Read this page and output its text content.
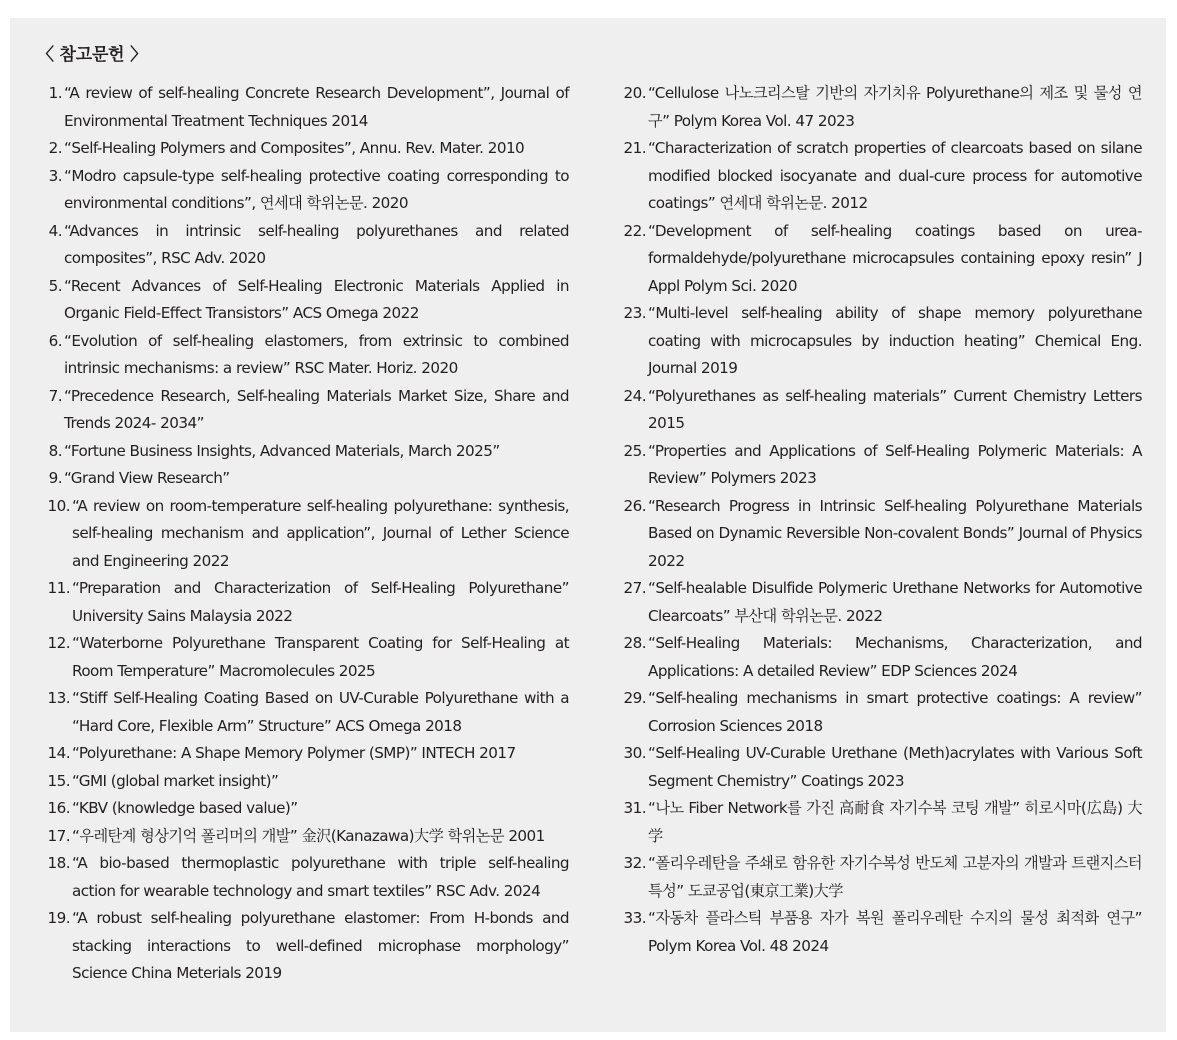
〈 참고문헌 〉
1. “A review of self-healing Concrete Research Development”, Journal of Environmental Treatment Techniques 2014
2. “Self-Healing Polymers and Composites”, Annu. Rev. Mater. 2010
3. “Modro capsule-type self-healing protective coating corresponding to environmental conditions”, 연세대 학위논문. 2020
4. “Advances in intrinsic self-healing polyurethanes and related composites”, RSC Adv. 2020
5. “Recent Advances of Self-Healing Electronic Materials Applied in Organic Field-Effect Transistors” ACS Omega 2022
6. “Evolution of self-healing elastomers, from extrinsic to combined intrinsic mechanisms: a review” RSC Mater. Horiz. 2020
7. “Precedence Research, Self-healing Materials Market Size, Share and Trends 2024- 2034”
8. “Fortune Business Insights, Advanced Materials, March 2025”
9. “Grand View Research”
10. “A review on room-temperature self-healing polyurethane: synthesis, self-healing mechanism and application”, Journal of Lether Science and Engineering 2022
11. “Preparation and Characterization of Self-Healing Polyurethane” University Sains Malaysia 2022
12. “Waterborne Polyurethane Transparent Coating for Self-Healing at Room Temperature” Macromolecules 2025
13. “Stiff Self-Healing Coating Based on UV-Curable Polyurethane with a “Hard Core, Flexible Arm” Structure” ACS Omega 2018
14. “Polyurethane: A Shape Memory Polymer (SMP)” INTECH 2017
15. “GMI (global market insight)”
16. “KBV (knowledge based value)”
17. “우레탄계 형상기억 폴리머의 개발” 金沢(Kanazawa)大学 학위논문 2001
18. “A bio-based thermoplastic polyurethane with triple self-healing action for wearable technology and smart textiles” RSC Adv. 2024
19. “A robust self-healing polyurethane elastomer: From H-bonds and stacking interactions to well-defined microphase morphology” Science China Meterials 2019
20. “Cellulose 나노크리스탈 기반의 자기치유 Polyurethane의 제조 및 물성 연구” Polym Korea Vol. 47 2023
21. “Characterization of scratch properties of clearcoats based on silane modified blocked isocyanate and dual-cure process for automotive coatings” 연세대 학위논문. 2012
22. “Development of self-healing coatings based on urea-formaldehyde/polyurethane microcapsules containing epoxy resin” J Appl Polym Sci. 2020
23. “Multi-level self-healing ability of shape memory polyurethane coating with microcapsules by induction heating” Chemical Eng. Journal 2019
24. “Polyurethanes as self-healing materials” Current Chemistry Letters 2015
25. “Properties and Applications of Self-Healing Polymeric Materials: A Review” Polymers 2023
26. “Research Progress in Intrinsic Self-healing Polyurethane Materials Based on Dynamic Reversible Non-covalent Bonds” Journal of Physics 2022
27. “Self-healable Disulfide Polymeric Urethane Networks for Automotive Clearcoats” 부산대 학위논문. 2022
28. “Self-Healing Materials: Mechanisms, Characterization, and Applications: A detailed Review” EDP Sciences 2024
29. “Self-healing mechanisms in smart protective coatings: A review” Corrosion Sciences 2018
30. “Self-Healing UV-Curable Urethane (Meth)acrylates with Various Soft Segment Chemistry” Coatings 2023
31. “나노 Fiber Network를 가진 高耐食 자기수복 코팅 개발” 히로시마(広島) 大学
32. “폴리우레탄을 주쇄로 함유한 자기수복성 반도체 고분자의 개발과 트랜지스터 특성” 도쿄공업(東京工業)大学
33. “자동차 플라스틱 부품용 자가 복원 폴리우레탄 수지의 물성 최적화 연구” Polym Korea Vol. 48 2024
